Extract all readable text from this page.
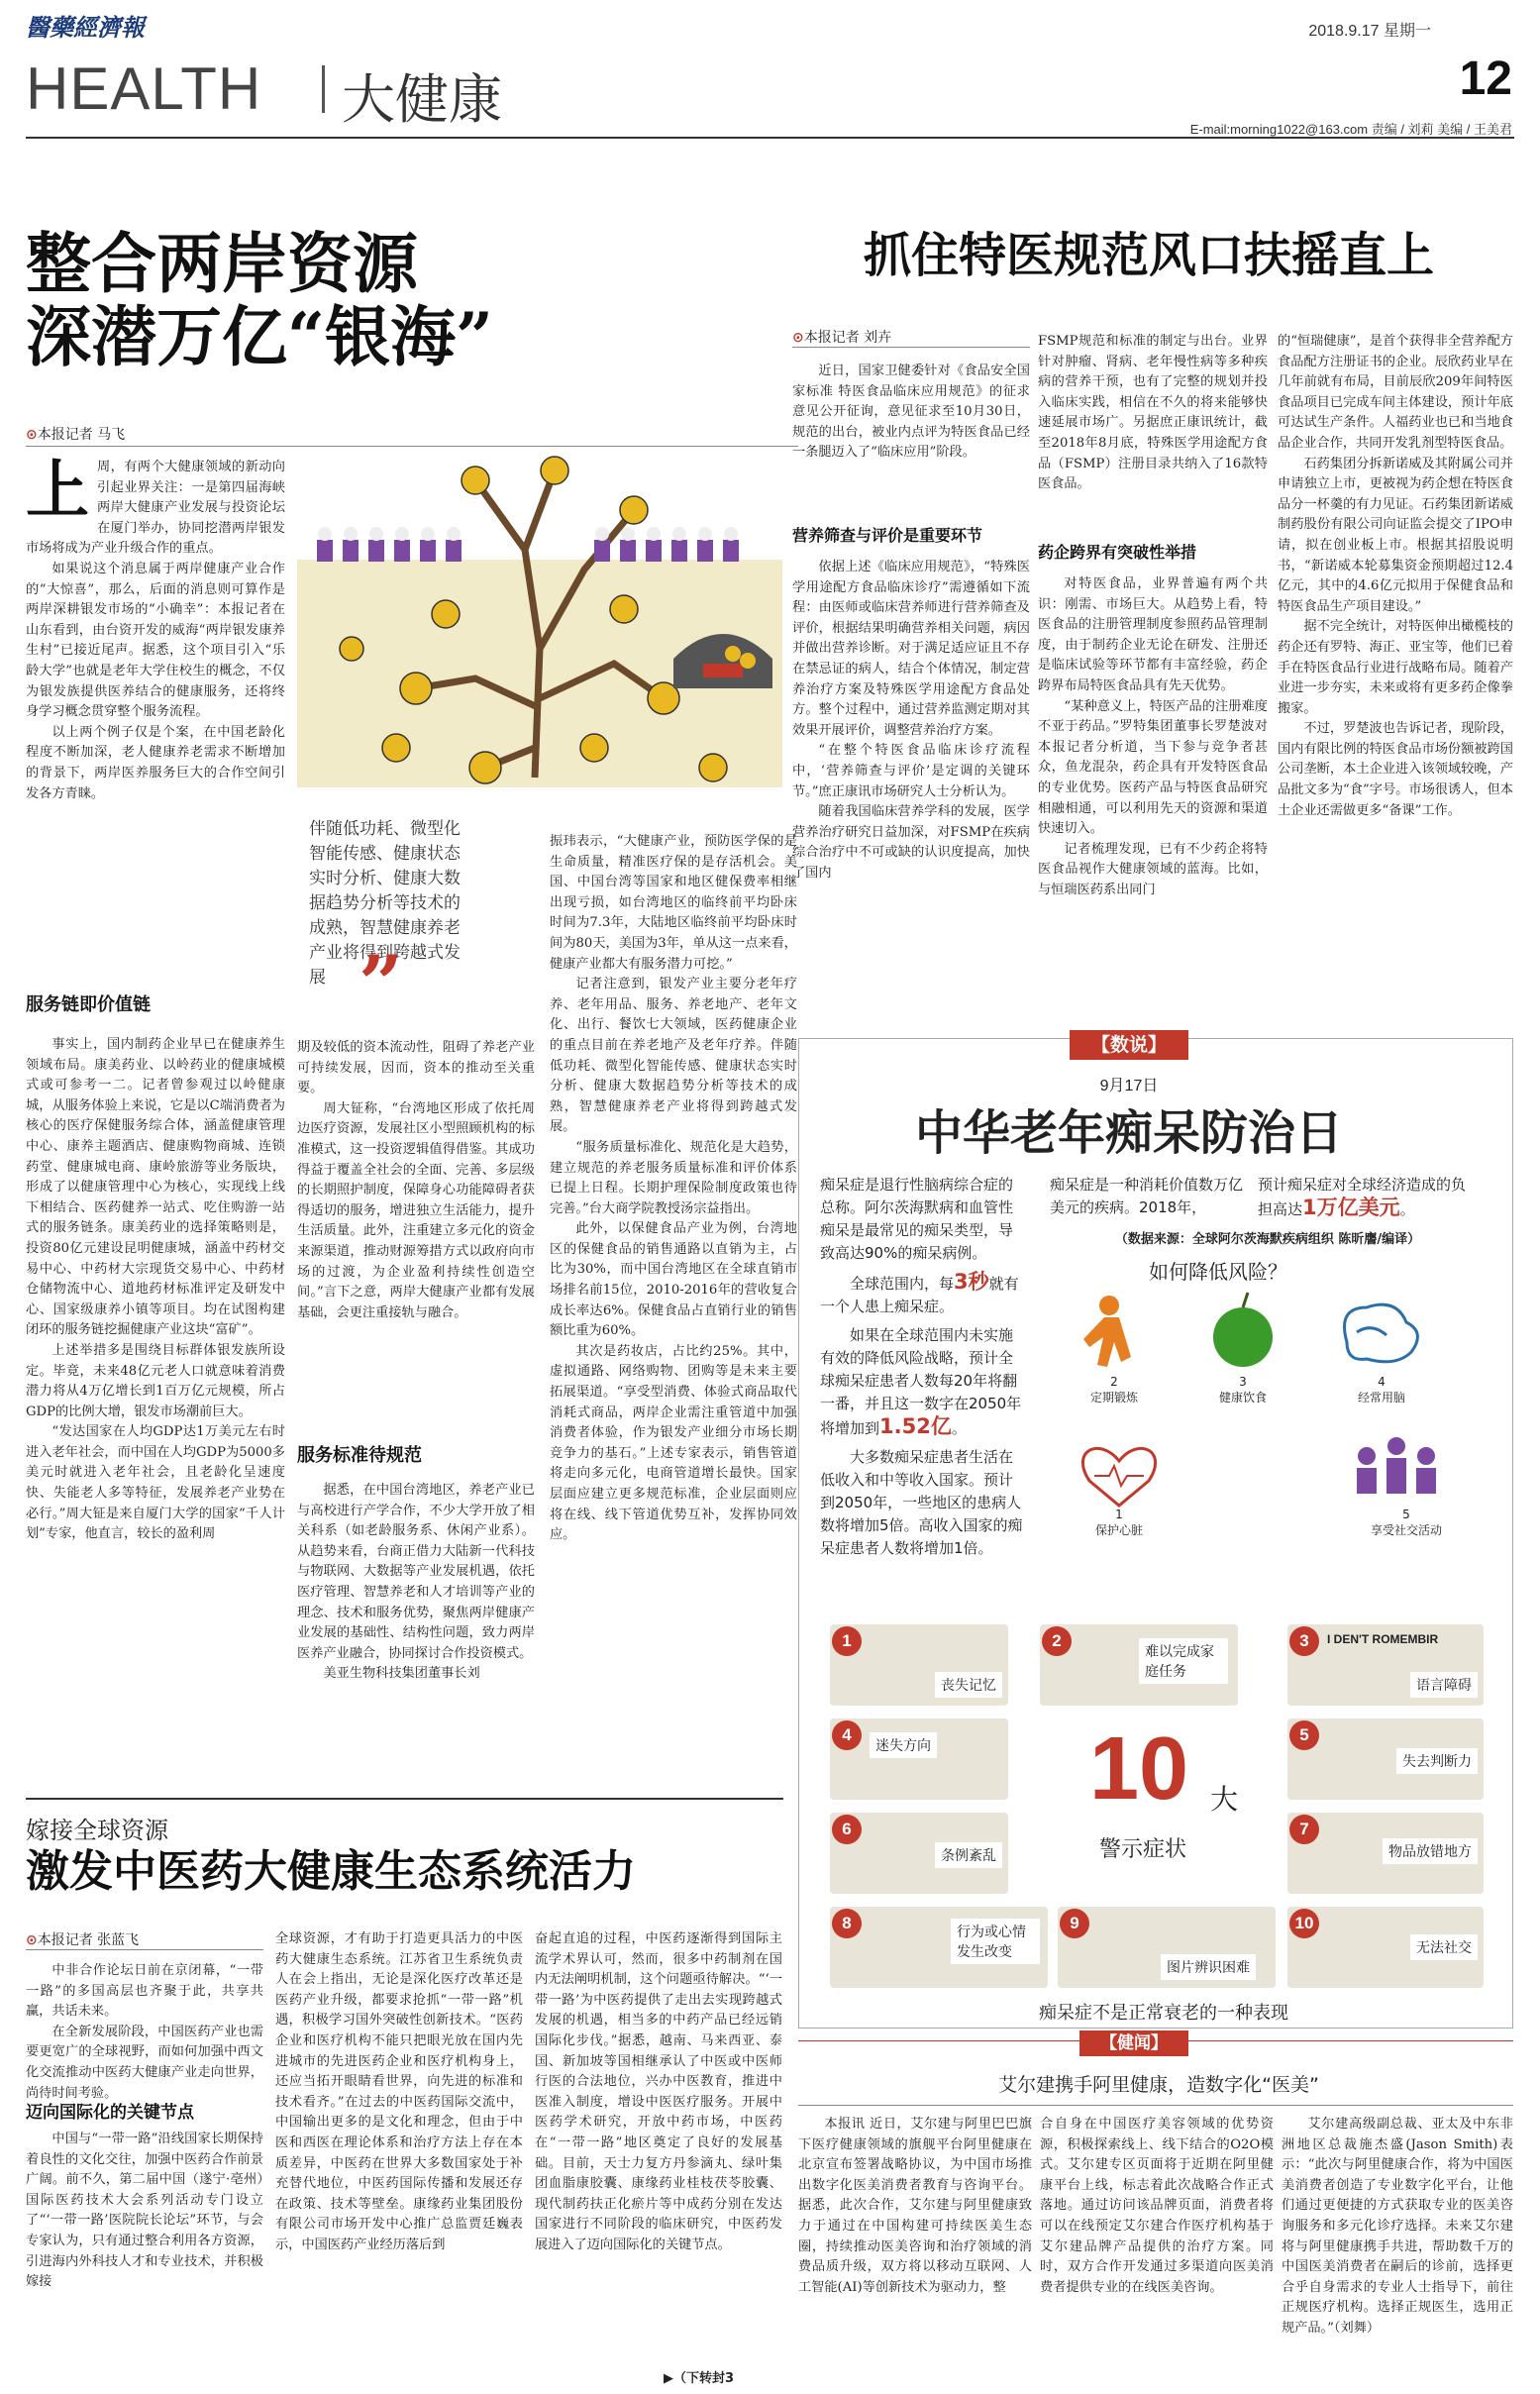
醫藥經濟報	2018.9.17 星期一
12
HEALTH 大健康	E-mail:morning1022@163.com 责编 / 刘莉 美编 / 王美君
整合两岸资源
深潜万亿“银海”
⊙本报记者 马飞
上 周，有两个大健康领域的新动向引起业界关注：一是第四届海峡两岸大健康产业发展与投资论坛在厦门举办，协同挖潜两岸银发市场将成为产业升级合作的重点。

如果说这个消息属于两岸健康产业合作的“大惊喜”，那么，后面的消息则可算作是两岸深耕银发市场的“小确幸”：本报记者在山东看到，由台资开发的威海“两岸银发康养生村”已接近尾声。据悉，这个项目引入“乐龄大学”也就是老年大学住校生的概念，不仅为银发族提供医养结合的健康服务，还将终身学习概念贯穿整个服务流程。

以上两个例子仅是个案，在中国老龄化程度不断加深，老人健康养老需求不断增加的背景下，两岸医养服务巨大的合作空间引发各方青睐。

服务链即价值链

事实上，国内制药企业早已在健康养生领域布局。康美药业、以岭药业的健康城模式或可参考一二。记者曾参观过以岭健康城，从服务体验上来说，它是以C端消费者为核心的医疗保健服务综合体，涵盖健康管理中心、康养主题酒店、健康购物商城、连锁药堂、健康城电商、康岭旅游等业务版块，形成了以健康管理中心为核心，实现线上线下相结合、医药健养一站式、吃住购游一站式的服务链条。康美药业的选择策略则是，投资80亿元建设昆明健康城，涵盖中药材交易中心、中药材大宗现货交易中心、中药材仓储物流中心、道地药材标准评定及研发中心、国家级康养小镇等项目。均在试图构建闭环的服务链挖掘健康产业这块“富矿”。

上述举措多是围绕目标群体银发族所设定。毕竟，未来48亿元老人口就意味着消费潜力将从4万亿增长到1百万亿元规模，所占GDP的比例大增，银发市场潮前巨大。

“发达国家在人均GDP达1万美元左右时进入老年社会，而中国在人均GDP为5000多美元时就进入老年社会，且老龄化呈速度快、失能老人多等特征，发展养老产业势在必行。”周大钲是来自厦门大学的国家“千人计划”专家，他直言，较长的盈利周

伴随低功耗、微型化智能传感、健康状态实时分析、健康大数据趋势分析等技术的成熟，智慧健康养老产业将得到跨越式发展 ”

期及较低的资本流动性，阻碍了养老产业可持续发展，因而，资本的推动至关重要。

周大钲称，“台湾地区形成了依托周边医疗资源，发展社区小型照顾机构的标准模式，这一投资逻辑值得借鉴。其成功得益于覆盖全社会的全面、完善、多层级的长期照护制度，保障身心功能障碍者获得适切的服务，增进独立生活能力，提升生活质量。此外，注重建立多元化的资金来源渠道，推动财源筹措方式以政府向市场的过渡，为企业盈利持续性创造空间。”言下之意，两岸大健康产业都有发展基础，会更注重接轨与融合。

服务标准待规范

据悉，在中国台湾地区，养老产业已与高校进行产学合作，不少大学开放了相关科系（如老龄服务系、休闲产业系）。从趋势来看，台商正借力大陆新一代科技与物联网、大数据等产业发展机遇，依托医疗管理、智慧养老和人才培训等产业的理念、技术和服务优势，聚焦两岸健康产业发展的基础性、结构性问题，致力两岸医养产业融合，协同探讨合作投资模式。

美亚生物科技集团董事长刘

振玮表示，“大健康产业，预防医学保的是生命质量，精准医疗保的是存活机会。美国、中国台湾等国家和地区健保费率相继出现亏损，如台湾地区的临终前平均卧床时间为7.3年，大陆地区临终前平均卧床时间为80天，美国为3年，单从这一点来看，健康产业都大有服务潜力可挖。”

记者注意到，银发产业主要分老年疗养、老年用品、服务、养老地产、老年文化、出行、餐饮七大领域，医药健康企业的重点目前在养老地产及老年疗养。伴随低功耗、微型化智能传感、健康状态实时分析、健康大数据趋势分析等技术的成熟，智慧健康养老产业将得到跨越式发展。

“服务质量标准化、规范化是大趋势，建立规范的养老服务质量标准和评价体系已提上日程。长期护理保险制度政策也待完善。”台大商学院教授汤宗益指出。

此外，以保健食品产业为例，台湾地区的保健食品的销售通路以直销为主，占比为30%，而中国台湾地区在全球直销市场排名前15位，2010-2016年的营收复合成长率达6%。保健食品占直销行业的销售额比重为60%。

其次是药妆店，占比约25%。其中，虚拟通路、网络购物、团购等是未来主要拓展渠道。“享受型消费、体验式商品取代消耗式商品，两岸企业需注重管道中加强消费者体验，作为银发产业细分市场长期竞争力的基石。”上述专家表示，销售管道将走向多元化，电商管道增长最快。国家层面应建立更多规范标准，企业层面则应将在线、线下管道优势互补，发挥协同效应。

抓住特医规范风口扶摇直上
⊙本报记者 刘卉

近日，国家卫健委针对《食品安全国家标准 特医食品临床应用规范》的征求意见公开征询，意见征求至10月30日，规范的出台，被业内点评为特医食品已经一条腿迈入了“临床应用”阶段。

营养筛查与评价是重要环节

依据上述《临床应用规范》，“特殊医学用途配方食品临床诊疗”需遵循如下流程：由医师或临床营养师进行营养筛查及评价，根据结果明确营养相关问题，病因并做出营养诊断。对于满足适应证且不存在禁忌证的病人，结合个体情况，制定营养治疗方案及特殊医学用途配方食品处方。整个过程中，通过营养监测定期对其效果开展评价，调整营养治疗方案。

“在整个特医食品临床诊疗流程中，‘营养筛查与评价’是定调的关键环节。”庶正康讯市场研究人士分析认为。

随着我国临床营养学科的发展，医学营养治疗研究日益加深，对FSMP在疾病综合治疗中不可或缺的认识度提高，加快了国内

FSMP规范和标准的制定与出台。业界针对肿瘤、肾病、老年慢性病等多种疾病的营养干预，也有了完整的规划并投入临床实践，相信在不久的将来能够快速延展市场广。另据庶正康讯统计，截至2018年8月底，特殊医学用途配方食品（FSMP）注册目录共纳入了16款特医食品。

药企跨界有突破性举措

对特医食品，业界普遍有两个共识：刚需、市场巨大。从趋势上看，特医食品的注册管理制度参照药品管理制度，由于制药企业无论在研发、注册还是临床试验等环节都有丰富经验，药企跨界布局特医食品具有先天优势。

“某种意义上，特医产品的注册难度不亚于药品。”罗特集团董事长罗楚波对本报记者分析道，当下参与竞争者甚众，鱼龙混杂，药企具有开发特医食品的专业优势。医药产品与特医食品研究相融相通，可以利用先天的资源和渠道快速切入。

记者梳理发现，已有不少药企将特医食品视作大健康领域的蓝海。比如，与恒瑞医药系出同门

的“恒瑞健康”，是首个获得非全营养配方食品配方注册证书的企业。辰欣药业早在几年前就有布局，目前辰欣209年间特医食品项目已完成车间主体建设，预计年底可达试生产条件。人福药业也已和当地食品企业合作，共同开发乳剂型特医食品。

石药集团分拆新诺威及其附属公司并申请独立上市，更被视为药企想在特医食品分一杯羹的有力见证。石药集团新诺威制药股份有限公司向证监会提交了IPO申请，拟在创业板上市。根据其招股说明书，“新诺威本轮募集资金预期超过12.4亿元，其中的4.6亿元拟用于保健食品和特医食品生产项目建设。”

据不完全统计，对特医伸出橄榄枝的药企还有罗特、海正、亚宝等，他们已着手在特医食品行业进行战略布局。随着产业进一步夯实，未来或将有更多药企像拳搬家。

不过，罗楚波也告诉记者，现阶段，国内有限比例的特医食品市场份额被跨国公司垄断，本土企业进入该领域较晚，产品批文多为“食”字号。市场很诱人，但本土企业还需做更多“备课”工作。

【数说】
9月17日
中华老年痴呆防治日
痴呆症是退行性脑病综合症的总称。阿尔茨海默病和血管性痴呆是最常见的痴呆类型，导致高达90%的痴呆病例。
全球范围内，每3秒就有一个人患上痴呆症。
如果在全球范围内未实施有效的降低风险战略，预计全球痴呆症患者人数每20年将翻一番，并且这一数字在2050年将增加到1.52亿。
大多数痴呆症患者生活在低收入和中等收入国家。预计到2050年，一些地区的患病人数将增加5倍。高收入国家的痴呆症患者人数将增加1倍。
痴呆症是一种消耗价值数万亿美元的疾病。2018年，
预计痴呆症对全球经济造成的负担高达1万亿美元。
（数据来源：全球阿尔茨海默疾病组织 陈昕譍/编译）
如何降低风险？
2
定期锻炼
3
健康饮食
4
经常用脑
1
保护心脏
5
享受社交活动
1
丧失记忆
2
难以完成家庭任务
3	I DEN'T ROMEMBIR
语言障碍
4
迷失方向
5
失去判断力
6
条例紊乱
7
物品放错地方
8	行为或心情发生改变
9
图片辨识困难
10
无法社交
10 大
警示症状
痴呆症不是正常衰老的一种表现
嫁接全球资源
激发中医药大健康生态系统活力
⊙本报记者 张蓝飞

中非合作论坛日前在京闭幕，“一带一路”的多国高层也齐聚于此，共享共赢，共话未来。

在全新发展阶段，中国医药产业也需要更宽广的全球视野，而如何加强中西文化交流推动中医药大健康产业走向世界，尚待时间考验。

迈向国际化的关键节点

中国与“一带一路”沿线国家长期保持着良性的文化交往，加强中医药合作前景广阔。前不久，第二届中国（遂宁·亳州）国际医药技术大会系列活动专门设立了“‘一带一路’医院院长论坛”环节，与会专家认为，只有通过整合利用各方资源，引进海内外科技人才和专业技术，并积极嫁接

全球资源，才有助于打造更具活力的中医药大健康生态系统。江苏省卫生系统负责人在会上指出，无论是深化医疗改革还是医药产业升级，都要求抢抓“一带一路”机遇，积极学习国外突破性创新技术。“医药企业和医疗机构不能只把眼光放在国内先进城市的先进医药企业和医疗机构身上，还应当拓开眼睛看世界，向先进的标准和技术看齐。”在过去的中医药国际交流中，中国输出更多的是文化和理念，但由于中医和西医在理论体系和治疗方法上存在本质差异，中医药在世界大多数国家处于补充替代地位，中医药国际传播和发展还存在政策、技术等壁垒。康缘药业集团股份有限公司市场开发中心推广总监贾廷巍表示，中国医药产业经历落后到

奋起直追的过程，中医药逐渐得到国际主流学术界认可，然而，很多中药制剂在国内无法阐明机制，这个问题亟待解决。“‘一带一路’为中医药提供了走出去实现跨越式发展的机遇，相当多的中药产品已经远销国际化步伐。”据悉，越南、马来西亚、泰国、新加坡等国相继承认了中医或中医师行医的合法地位，兴办中医教育，推进中医准入制度，增设中医医疗服务。开展中医药学术研究，开放中药市场，中医药在“一带一路”地区奠定了良好的发展基础。目前，天士力复方丹参滴丸、绿叶集团血脂康胶囊、康缘药业桂枝茯苓胶囊、现代制药扶正化瘀片等中成药分别在发达国家进行不同阶段的临床研究，中医药发展进入了迈向国际化的关键节点。

▶（下转封3
【健闻】
艾尔建携手阿里健康，造数字化“医美”

本报讯 近日，艾尔建与阿里巴巴旗下医疗健康领域的旗舰平台阿里健康在北京宣布签署战略协议，为中国市场推出数字化医美消费者教育与咨询平台。据悉，此次合作，艾尔建与阿里健康致力于通过在中国构建可持续医美生态圈，持续推动医美咨询和治疗领域的消费品质升级，双方将以移动互联网、人工智能(AI)等创新技术为驱动力，整

合自身在中国医疗美容领域的优势资源，积极探索线上、线下结合的O2O模式。艾尔建专区页面将于近期在阿里健康平台上线，标志着此次战略合作正式落地。通过访问该品牌页面，消费者将可以在线预定艾尔建合作医疗机构基于艾尔建品牌产品提供的治疗方案。同时，双方合作开发通过多渠道向医美消费者提供专业的在线医美咨询。

艾尔建高级副总裁、亚太及中东非洲地区总裁施杰盛(Jason Smith)表示：“此次与阿里健康合作，将为中国医美消费者创造了专业数字化平台，让他们通过更便捷的方式获取专业的医美咨询服务和多元化诊疗选择。未来艾尔建将与阿里健康携手共进，帮助数千万的中国医美消费者在嗣后的诊前，选择更合乎自身需求的专业人士指导下，前往正规医疗机构。选择正规医生，选用正规产品。”（刘舞）
